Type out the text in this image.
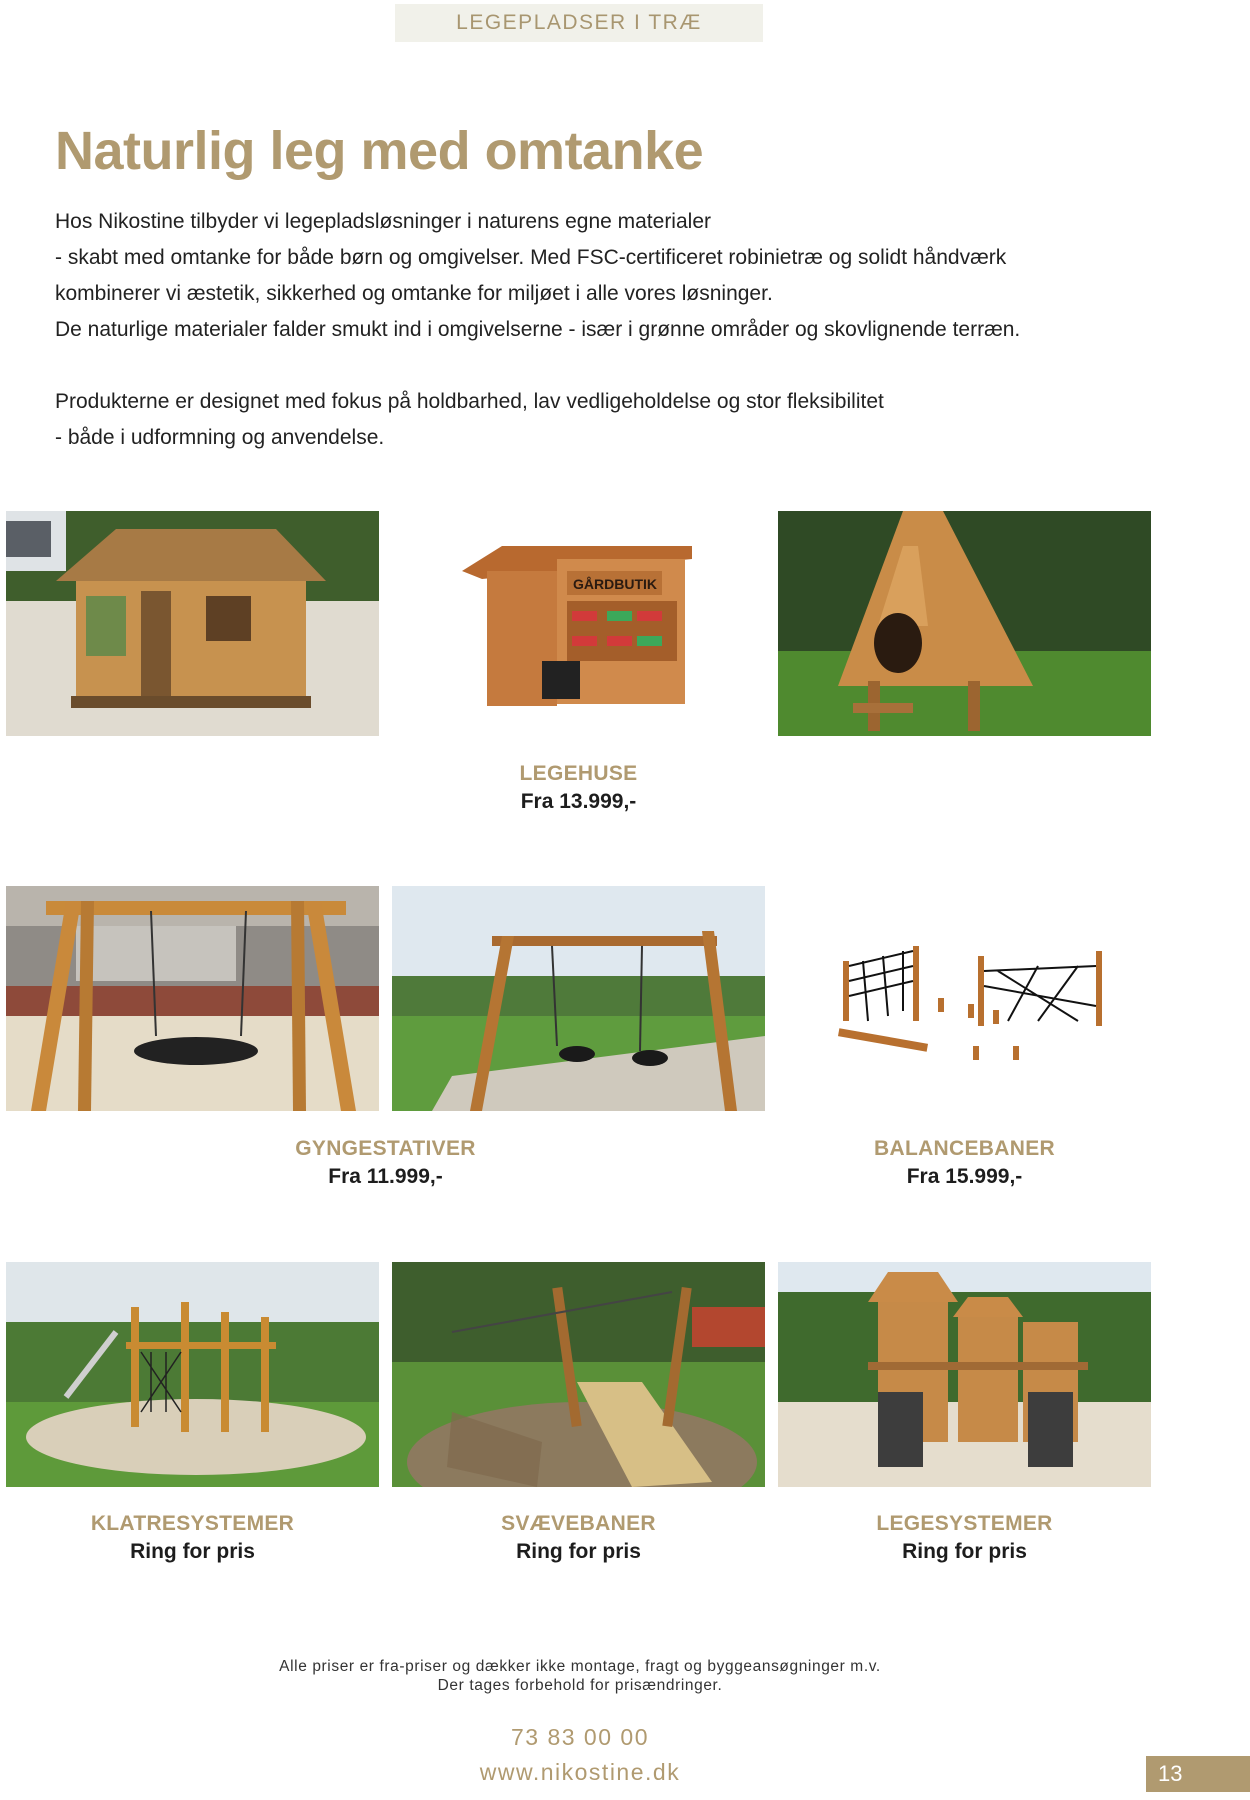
LEGEPLADSER I TRÆ
Naturlig leg med omtanke

Hos Nikostine tilbyder vi legepladsløsninger i naturens egne materialer

- skabt med omtanke for både børn og omgivelser. Med FSC-certificeret robinietræ og solidt håndværk

kombinerer vi æstetik, sikkerhed og omtanke for miljøet i alle vores løsninger.

De naturlige materialer falder smukt ind i omgivelserne - især i grønne områder og skovlignende terræn.

Produkterne er designet med fokus på holdbarhed, lav vedligeholdelse og stor fleksibilitet

- både i udformning og anvendelse.

GÅRDBUTIK
LEGEHUSE
Fra 13.999,-
GYNGESTATIVER
Fra 11.999,-
BALANCEBANER
Fra 15.999,-
KLATRESYSTEMER
Ring for pris
SVÆVEBANER
Ring for pris
LEGESYSTEMER
Ring for pris
Alle priser er fra-priser og dækker ikke montage, fragt og byggeansøgninger m.v.
Der tages forbehold for prisændringer.
73 83 00 00
www.nikostine.dk	13
